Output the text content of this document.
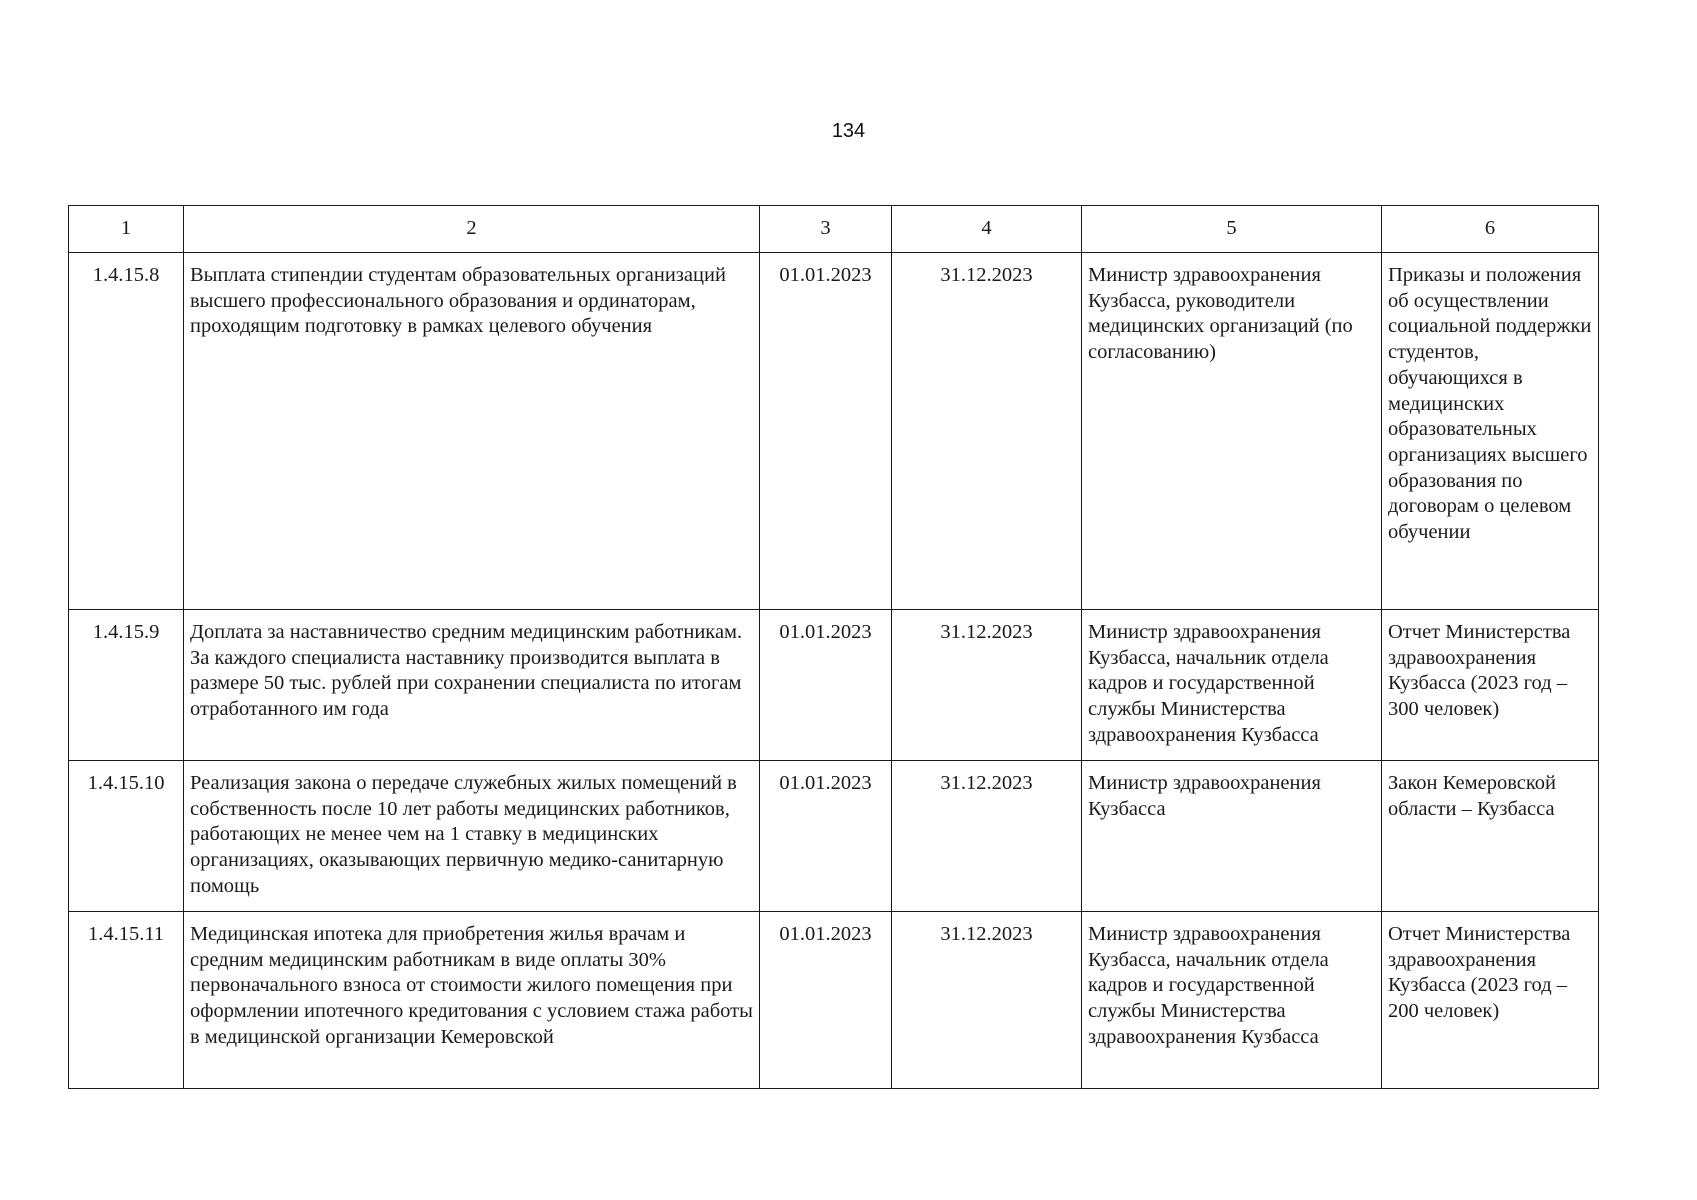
134
1	2	3	4	5	6
1.4.15.8	Выплата стипендии студентам образовательных организаций высшего профессионального образования и ординаторам, проходящим подготовку в рамках целевого обучения	01.01.2023	31.12.2023	Министр здравоохранения Кузбасса, руководители медицинских организаций (по согласованию)	Приказы и положения об осуществлении социальной поддержки студентов, обучающихся в медицинских образовательных организациях высшего образования по договорам о целевом обучении
1.4.15.9	Доплата за наставничество средним медицинским работникам. За каждого специалиста наставнику производится выплата в размере 50 тыс. рублей при сохранении специалиста по итогам отработанного им года	01.01.2023	31.12.2023	Министр здравоохранения Кузбасса, начальник отдела кадров и государственной службы Министерства здравоохранения Кузбасса	Отчет Министерства здравоохранения Кузбасса (2023 год – 300 человек)
1.4.15.10	Реализация закона о передаче служебных жилых помещений в собственность после 10 лет работы медицинских работников, работающих не менее чем на 1 ставку в медицинских организациях, оказывающих первичную медико-санитарную помощь	01.01.2023	31.12.2023	Министр здравоохранения Кузбасса	Закон Кемеровской области – Кузбасса
1.4.15.11	Медицинская ипотека для приобретения жилья врачам и средним медицинским работникам в виде оплаты 30% первоначального взноса от стоимости жилого помещения при оформлении ипотечного кредитования с условием стажа работы в медицинской организации Кемеровской	01.01.2023	31.12.2023	Министр здравоохранения Кузбасса, начальник отдела кадров и государственной службы Министерства здравоохранения Кузбасса	Отчет Министерства здравоохранения Кузбасса (2023 год – 200 человек)
